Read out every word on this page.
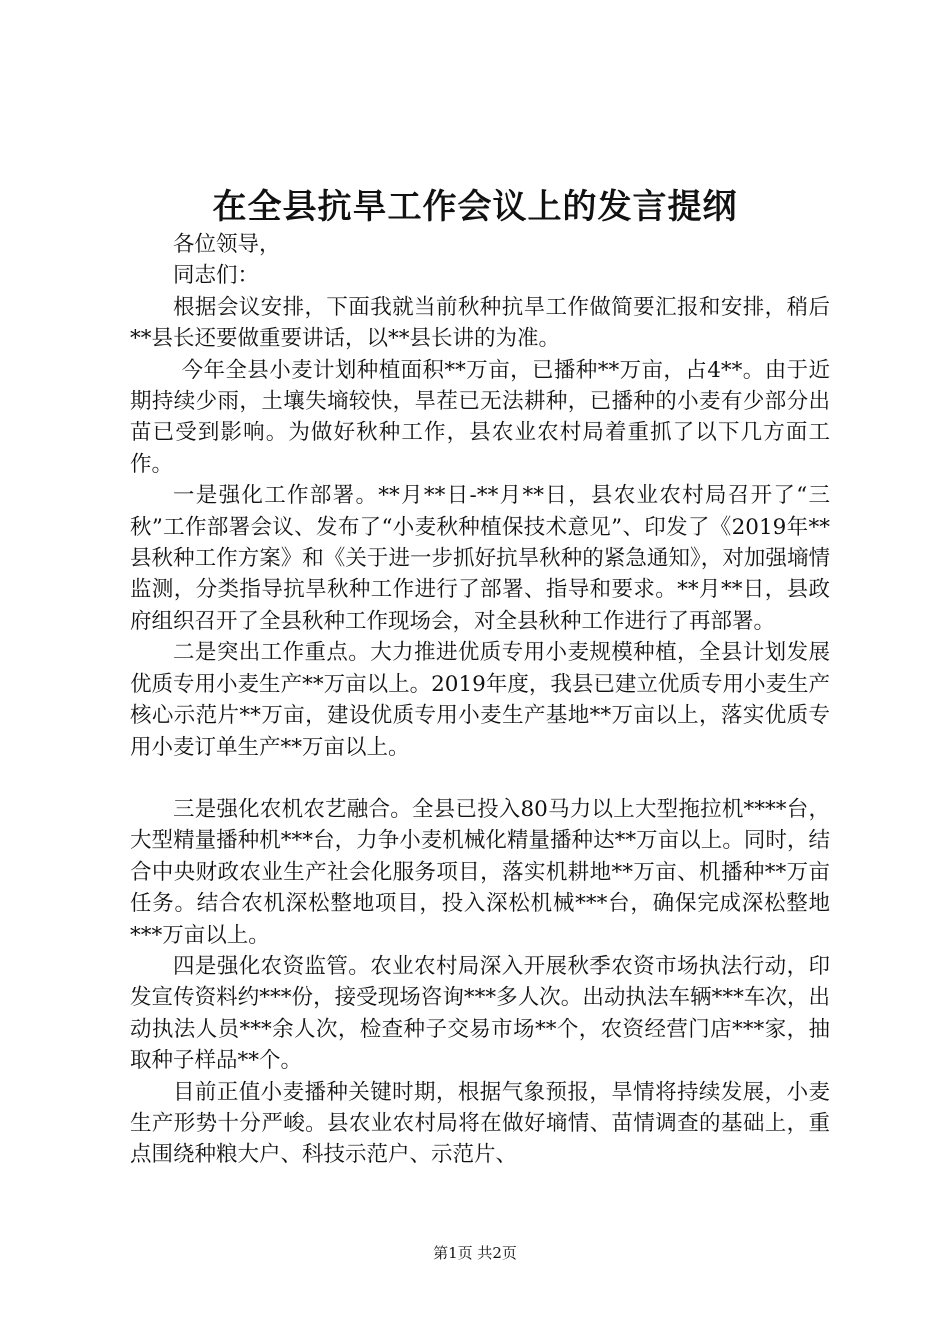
在全县抗旱工作会议上的发言提纲

各位领导，

同志们：

根据会议安排，下面我就当前秋种抗旱工作做简要汇报和安排，稍后**县长还要做重要讲话，以**县长讲的为准。

今年全县小麦计划种植面积**万亩，已播种**万亩，占4**。由于近期持续少雨，土壤失墒较快，旱茬已无法耕种，已播种的小麦有少部分出苗已受到影响。为做好秋种工作，县农业农村局着重抓了以下几方面工作。

一是强化工作部署。**月**日-**月**日，县农业农村局召开了“三秋”工作部署会议、发布了“小麦秋种植保技术意见”、印发了《2019年**县秋种工作方案》和《关于进一步抓好抗旱秋种的紧急通知》，对加强墒情监测，分类指导抗旱秋种工作进行了部署、指导和要求。**月**日，县政府组织召开了全县秋种工作现场会，对全县秋种工作进行了再部署。

二是突出工作重点。大力推进优质专用小麦规模种植，全县计划发展优质专用小麦生产**万亩以上。2019年度，我县已建立优质专用小麦生产核心示范片**万亩，建设优质专用小麦生产基地**万亩以上，落实优质专用小麦订单生产**万亩以上。

三是强化农机农艺融合。全县已投入80马力以上大型拖拉机****台，大型精量播种机***台，力争小麦机械化精量播种达**万亩以上。同时，结合中央财政农业生产社会化服务项目，落实机耕地**万亩、机播种**万亩任务。结合农机深松整地项目，投入深松机械***台，确保完成深松整地***万亩以上。

四是强化农资监管。农业农村局深入开展秋季农资市场执法行动，印发宣传资料约***份，接受现场咨询***多人次。出动执法车辆***车次，出动执法人员***余人次，检查种子交易市场**个，农资经营门店***家，抽取种子样品**个。

目前正值小麦播种关键时期，根据气象预报，旱情将持续发展，小麦生产形势十分严峻。县农业农村局将在做好墒情、苗情调查的基础上，重点围绕种粮大户、科技示范户、示范片、

第1页 共2页
